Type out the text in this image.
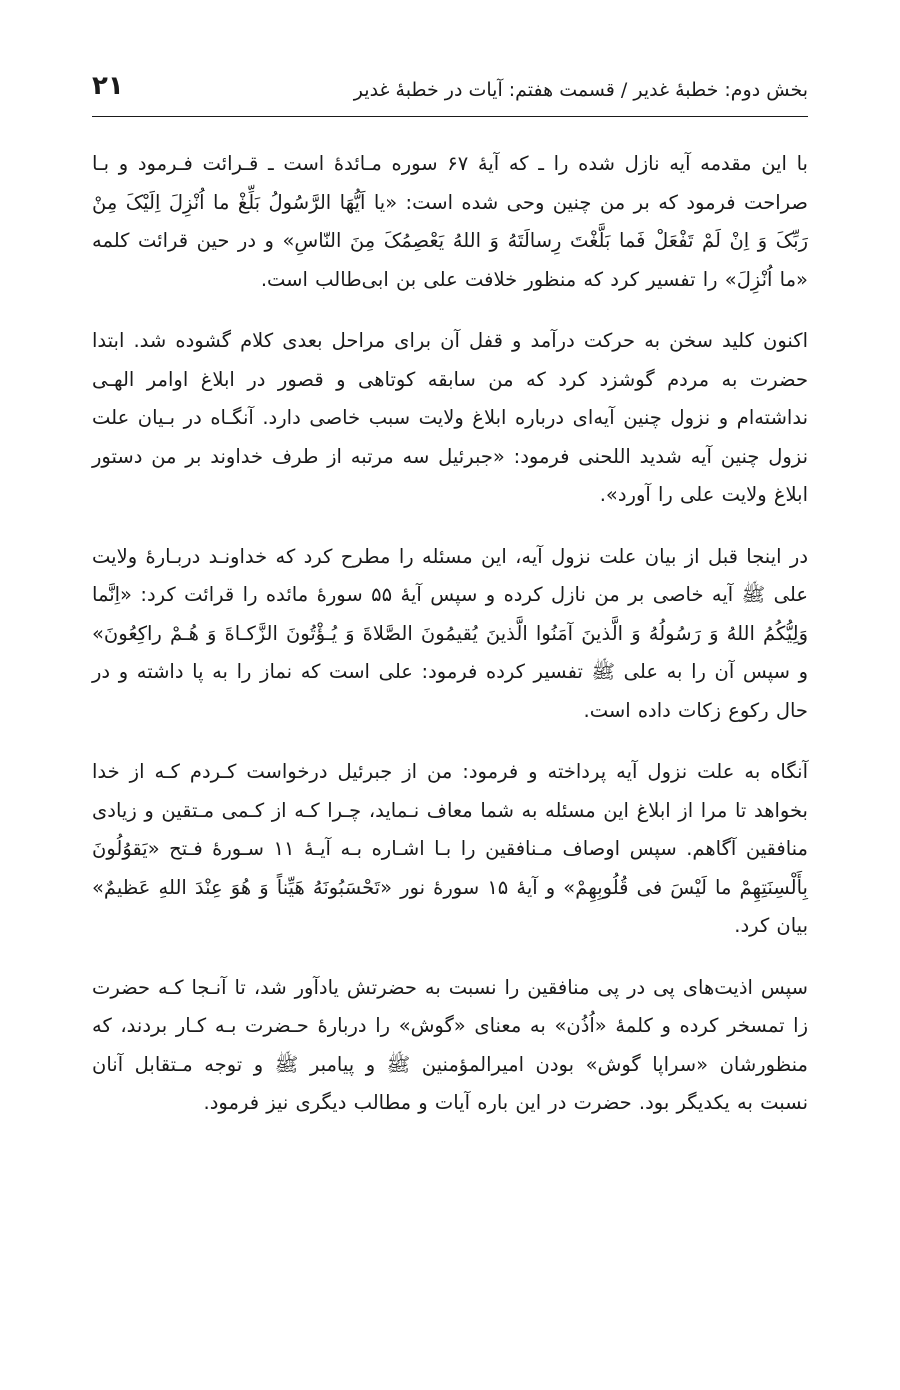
بخش دوم: خطبهٔ غدیر / قسمت هفتم: آیات در خطبهٔ غدیر
۲۱

با این مقدمه آیه نازل شده را ـ که آیهٔ ۶۷ سوره مـائدهٔ است ـ قـرائت فـرمود و بـا صراحت فرمود که بر من چنین وحی شده است: «يا اَيُّهَا الرَّسُولُ بَلِّغْ ما اُنْزِلَ اِلَيْکَ مِنْ رَبِّکَ وَ اِنْ لَمْ تَفْعَلْ فَما بَلَّغْتَ رِسالَتَهُ وَ اللهُ يَعْصِمُکَ مِنَ النّاسِ» و در حین قرائت کلمه «ما اُنْزِلَ» را تفسیر کرد که منظور خلافت علی بن ابی‌طالب است.

اکنون کلید سخن به حرکت درآمد و قفل آن برای مراحل بعدی کلام گشوده شد. ابتدا حضرت به مردم گوشزد کرد که من سابقه کوتاهی و قصور در ابلاغ اوامر الهـی نداشته‌ام و نزول چنین آیه‌ای درباره ابلاغ ولایت سبب خاصی دارد. آنگـاه در بـیان علت نزول چنین آیه شدید اللحنی فرمود: «جبرئیل سه مرتبه از طرف خداوند بر من دستور ابلاغ ولایت علی را آورد».

در اینجا قبل از بیان علت نزول آیه، این مسئله را مطرح کرد که خداونـد دربـارهٔ ولایت علی ﷺ آیه خاصی بر من نازل کرده و سپس آیهٔ ۵۵ سورهٔ مائده را قرائت کرد: «اِنَّما وَلِيُّكُمُ اللهُ وَ رَسُولُهُ وَ الَّذينَ آمَنُوا الَّذينَ يُقيمُونَ الصَّلاةَ وَ يُـؤْتُونَ الزَّكـاةَ وَ هُـمْ راكِعُونَ» و سپس آن را به علی ﷺ تفسیر کرده فرمود: علی است که نماز را به پا داشته و در حال رکوع زکات داده است.

آنگاه به علت نزول آیه پرداخته و فرمود: من از جبرئیل درخواست کـردم کـه از خدا بخواهد تا مرا از ابلاغ این مسئله به شما معاف نـماید، چـرا کـه از کـمی مـتقین و زیادی منافقین آگاهم. سپس اوصاف مـنافقین را بـا اشـاره بـه آیـهٔ ۱۱ سـورهٔ فـتح «يَقوُلُونَ بِأَلْسِنَتِهِمْ ما لَيْسَ فى قُلُوبِهِمْ» و آیهٔ ۱۵ سورهٔ نور «تَحْسَبُونَهُ هَيِّناً وَ هُوَ عِنْدَ اللهِ عَظيمٌ» بیان کرد.

سپس اذیت‌های پی در پی منافقین را نسبت به حضرتش یادآور شد، تا آنـجا کـه حضرت زا تمسخر کرده و کلمهٔ «اُذُن» به معنای «گوش» را دربارهٔ حـضرت بـه کـار بردند، که منظورشان «سراپا گوش» بودن امیرالمؤمنین ﷺ و پیامبر ﷺ و توجه مـتقابل آنان نسبت به یکدیگر بود. حضرت در این باره آیات و مطالب دیگری نیز فرمود.
